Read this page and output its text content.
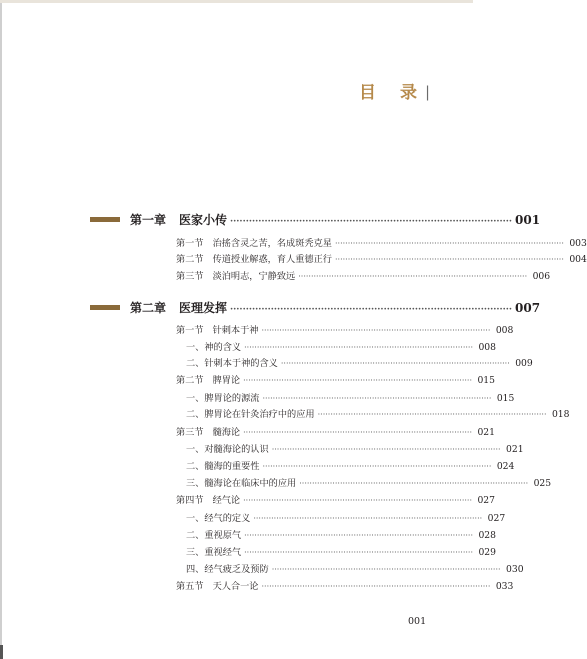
目 录 |
第一章 医家小传 ·························································································· 001
第一节 治搖含灵之苦，名成斑秃克星 ·························································································· 003
第二节 传道授业解惑，育人重德正行 ·························································································· 004
第三节 淡泊明志，宁静致远 ·························································································· 006
第二章 医理发挥 ·························································································· 007
第一节 针刺本于神 ·························································································· 008
一、神的含义 ·························································································· 008
二、针刺本于神的含义 ·························································································· 009
第二节 脾胃论 ·························································································· 015
一、脾胃论的源流 ·························································································· 015
二、脾胃论在针灸治疗中的应用 ·························································································· 018
第三节 髓海论 ·························································································· 021
一、对髓海论的认识 ·························································································· 021
二、髓海的重要性 ·························································································· 024
三、髓海论在临床中的应用 ·························································································· 025
第四节 经气论 ·························································································· 027
一、经气的定义 ·························································································· 027
二、重视原气 ·························································································· 028
三、重视经气 ·························································································· 029
四、经气疲乏及预防 ·························································································· 030
第五节 天人合一论 ·························································································· 033
001
